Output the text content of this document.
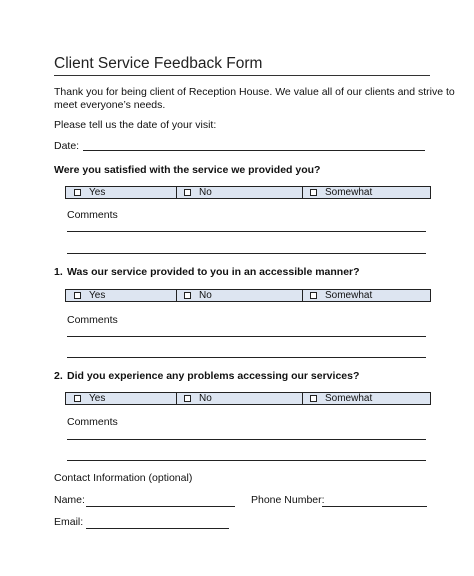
Client Service Feedback Form
Thank you for being client of Reception House. We value all of our clients and strive to
meet everyone’s needs.
Please tell us the date of your visit:
Date:
Were you satisfied with the service we provided you?
Yes	No	Somewhat
Comments
1. Was our service provided to you in an accessible manner?
Yes	No	Somewhat
Comments
2. Did you experience any problems accessing our services?
Yes	No	Somewhat
Comments
Contact Information (optional)
Name:	Phone Number:
Email:
